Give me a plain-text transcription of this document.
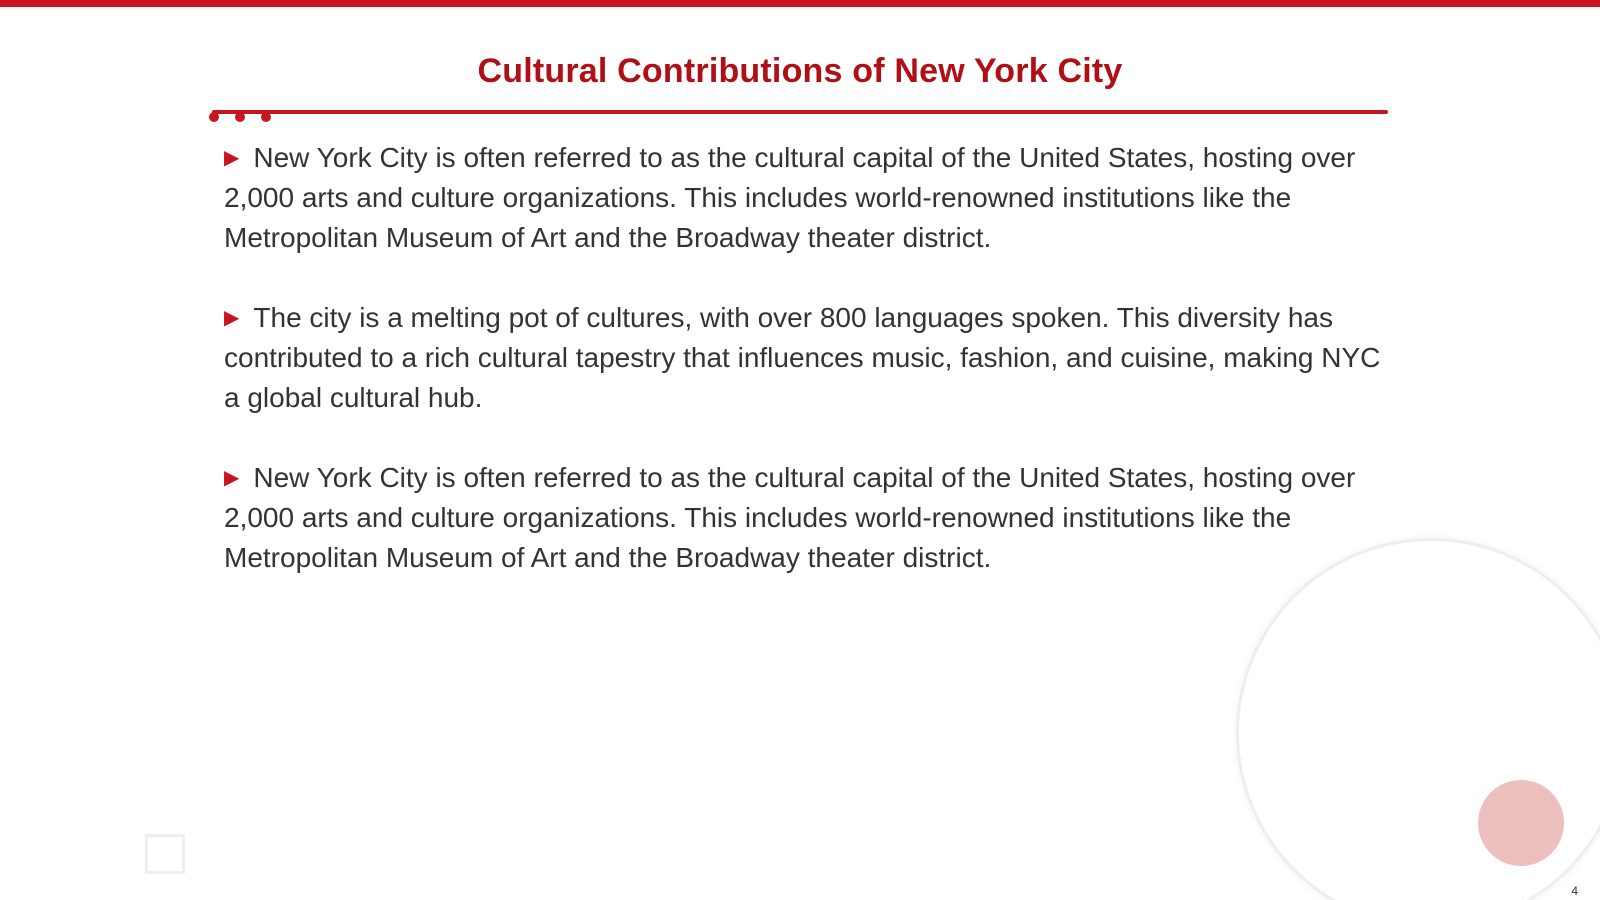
Cultural Contributions of New York City

▶ New York City is often referred to as the cultural capital of the United States, hosting over 2,000 arts and culture organizations. This includes world-renowned institutions like the Metropolitan Museum of Art and the Broadway theater district.

▶ The city is a melting pot of cultures, with over 800 languages spoken. This diversity has contributed to a rich cultural tapestry that influences music, fashion, and cuisine, making NYC a global cultural hub.

▶ New York City is often referred to as the cultural capital of the United States, hosting over 2,000 arts and culture organizations. This includes world-renowned institutions like the Metropolitan Museum of Art and the Broadway theater district.

4
